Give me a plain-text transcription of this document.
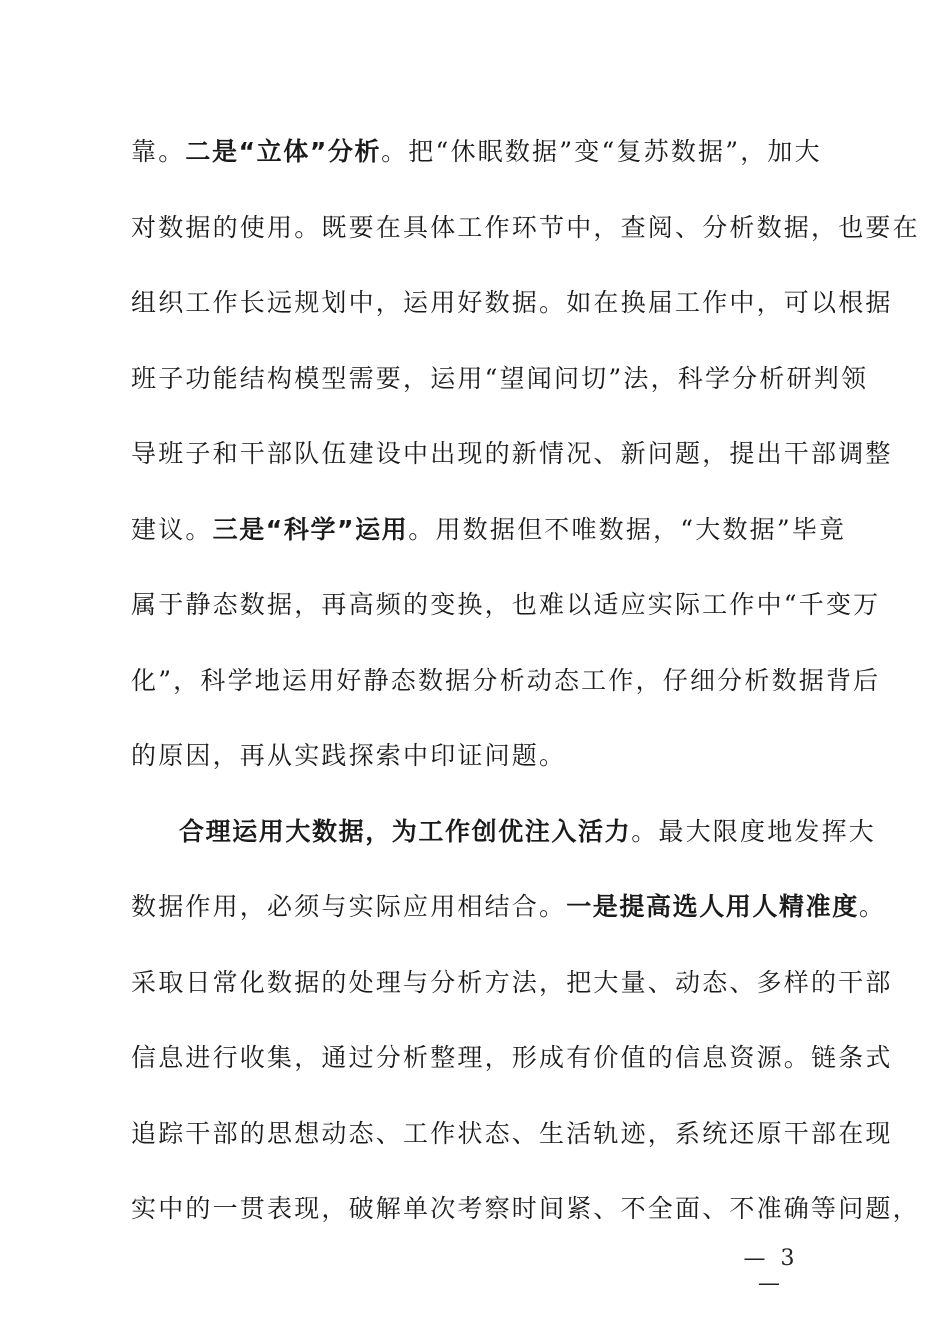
靠。二是“立体”分析。把“休眠数据”变“复苏数据”，加大
对数据的使用。既要在具体工作环节中，查阅、分析数据，也要在
组织工作长远规划中，运用好数据。如在换届工作中，可以根据
班子功能结构模型需要，运用“望闻问切”法，科学分析研判领
导班子和干部队伍建设中出现的新情况、新问题，提出干部调整
建议。三是“科学”运用。用数据但不唯数据，“大数据”毕竟
属于静态数据，再高频的变换，也难以适应实际工作中“千变万
化”，科学地运用好静态数据分析动态工作，仔细分析数据背后
的原因，再从实践探索中印证问题。
合理运用大数据，为工作创优注入活力。最大限度地发挥大
数据作用，必须与实际应用相结合。一是提高选人用人精准度。
采取日常化数据的处理与分析方法，把大量、动态、多样的干部
信息进行收集，通过分析整理，形成有价值的信息资源。链条式
追踪干部的思想动态、工作状态、生活轨迹，系统还原干部在现
实中的一贯表现，破解单次考察时间紧、不全面、不准确等问题，
— 3 —
